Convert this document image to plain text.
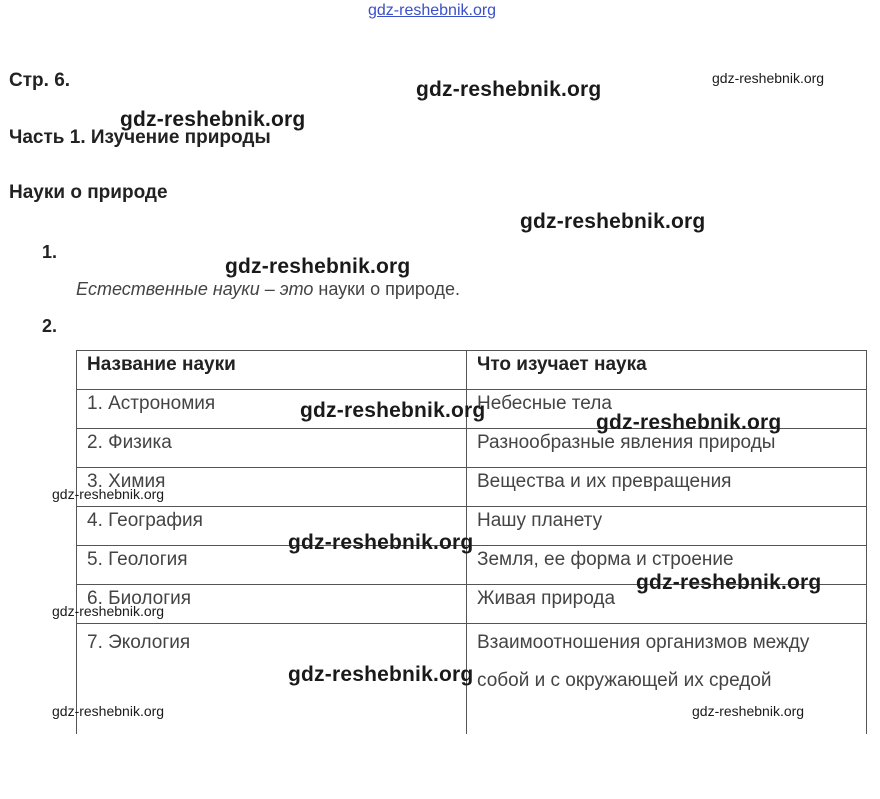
gdz-reshebnik.org
Стр. 6.	gdz-reshebnik.org	gdz-reshebnik.org
gdz-reshebnik.org
Часть 1. Изучение природы
Науки о природе
gdz-reshebnik.org
1.
gdz-reshebnik.org
Естественные науки – это науки о природе.
2.
Название науки	Что изучает наука
1. Астрономия	Небесные тела
2. Физика	Разнообразные явления природы
3. Химия	Вещества и их превращения
4. География	Нашу планету
5. Геология	Земля, ее форма и строение
6. Биология	Живая природа
7. Экология	Взаимоотношения организмов между собой и с окружающей их средой
gdz-reshebnik.org
gdz-reshebnik.org
gdz-reshebnik.org
gdz-reshebnik.org
gdz-reshebnik.org
gdz-reshebnik.org
gdz-reshebnik.org
gdz-reshebnik.org	gdz-reshebnik.org
